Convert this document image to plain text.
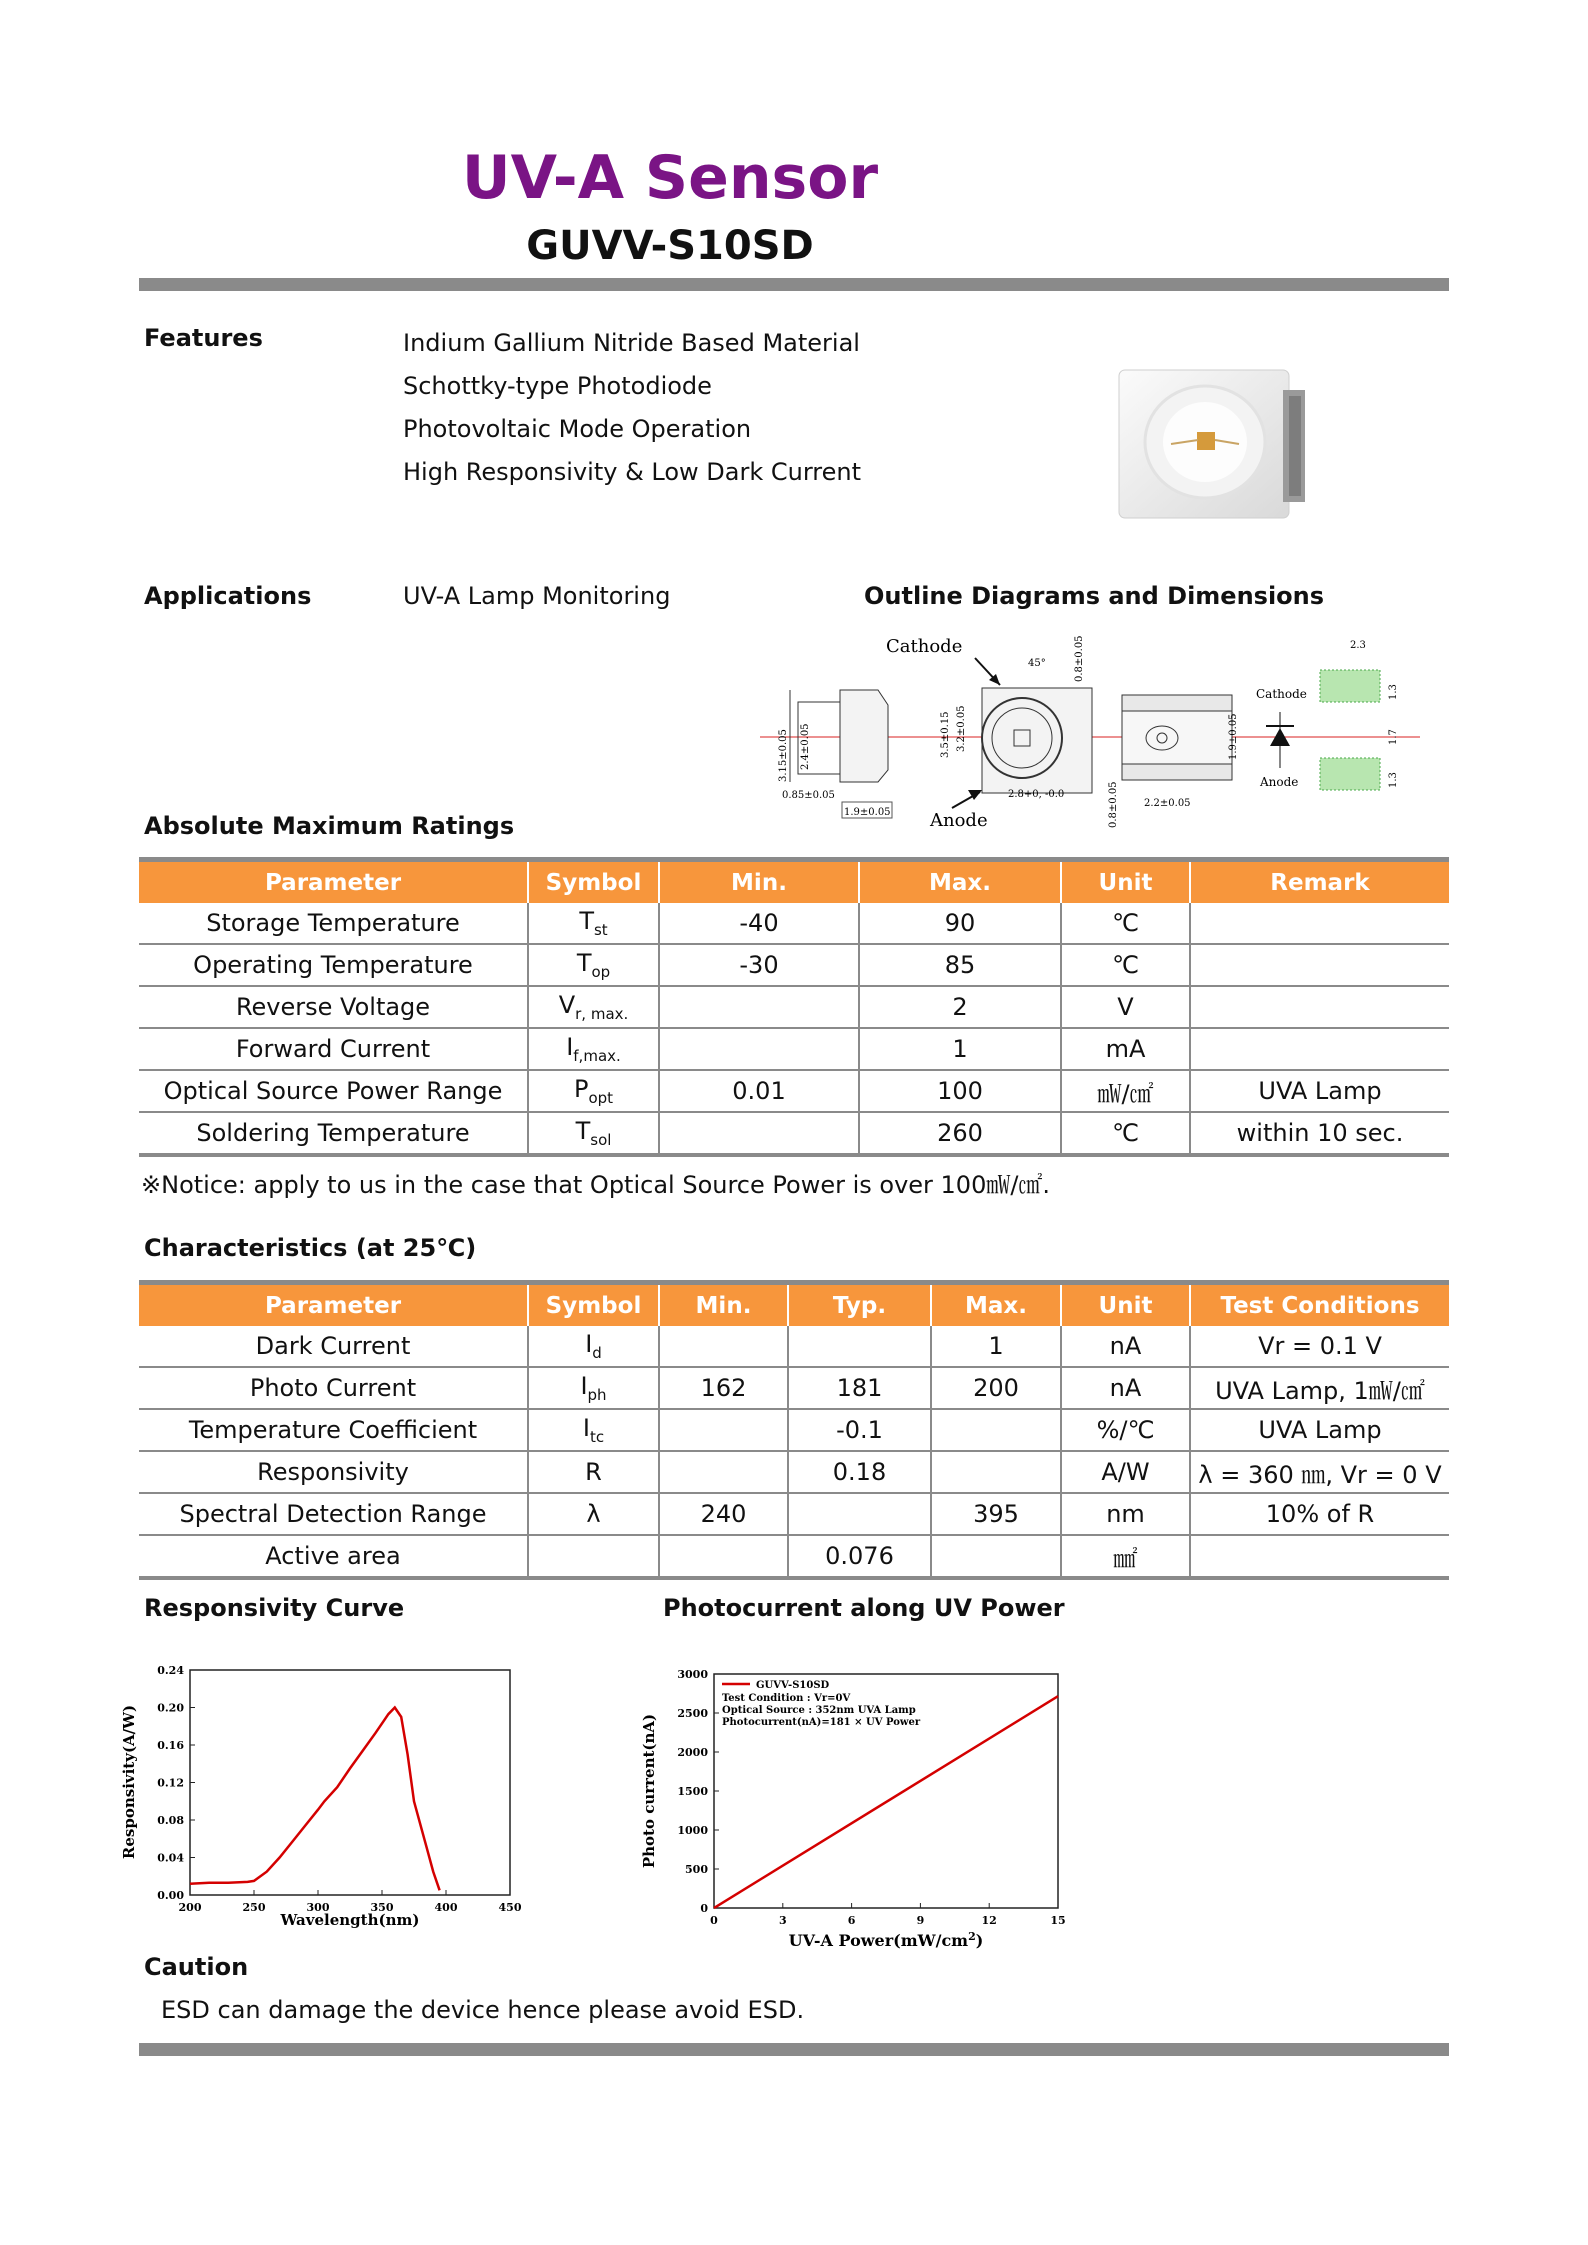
UV-A Sensor
GUVV-S10SD
Features	Indium Gallium Nitride Based Material
Schottky-type Photodiode
Photovoltaic Mode Operation
High Responsivity & Low Dark Current
Applications	UV-A Lamp Monitoring	Outline Diagrams and Dimensions
3.15±0.05 2.4±0.05
0.85±0.05
1.9±0.05
3.5±0.15 3.2±0.05
45°	0.8±0.05
2.8+0, -0.0
Cathode
Anode
1.9±0.05
2.2±0.05
0.8±0.05
2.3
1.3
1.7
1.3
Cathode
Anode
Absolute Maximum Ratings
Parameter	Symbol	Min.	Max.	Unit	Remark
Storage Temperature	$T_{st}$	-40	90	℃	
Operating Temperature	$T_{op}$	-30	85	℃	
Reverse Voltage	$V_{r, max.}$		2	V	
Forward Current	$I_{f,max.}$		1	mA	
Optical Source Power Range	$P_{opt}$	0.01	100	㎽/㎠	UVA Lamp
Soldering Temperature	$T_{sol}$		260	℃	within 10 sec.
※Notice: apply to us in the case that Optical Source Power is over 100㎽/㎠.
Characteristics (at 25℃)
Parameter	Symbol	Min.	Typ.	Max.	Unit	Test Conditions
Dark Current	$I_d$			1	nA	Vr = 0.1 V
Photo Current	$I_{ph}$	162	181	200	nA	UVA Lamp, 1㎽/㎠
Temperature Coefficient	$I_{tc}$		-0.1		%/℃	UVA Lamp
Responsivity	R		0.18		A/W	λ = 360 ㎚, Vr = 0 V
Spectral Detection Range	λ	240		395	nm	10% of R
Active area			0.076		㎟	
Responsivity Curve	Photocurrent along UV Power
200	250	300	350	400	450
0.00
0.04
0.08
0.12
0.16
0.20
0.24
Wavelength(nm)
Responsivity(A/W)
0	3	6	9	12	15
0
500
1000
1500
2000
2500
3000
UV-A $Power(mW/cm^2)$
Photo current(nA)
GUVV-S10SD
Test Condition : Vr=0V
Optical Source : 352nm UVA Lamp
Photocurrent(nA)=181 × UV Power
Caution
ESD can damage the device hence please avoid ESD.
